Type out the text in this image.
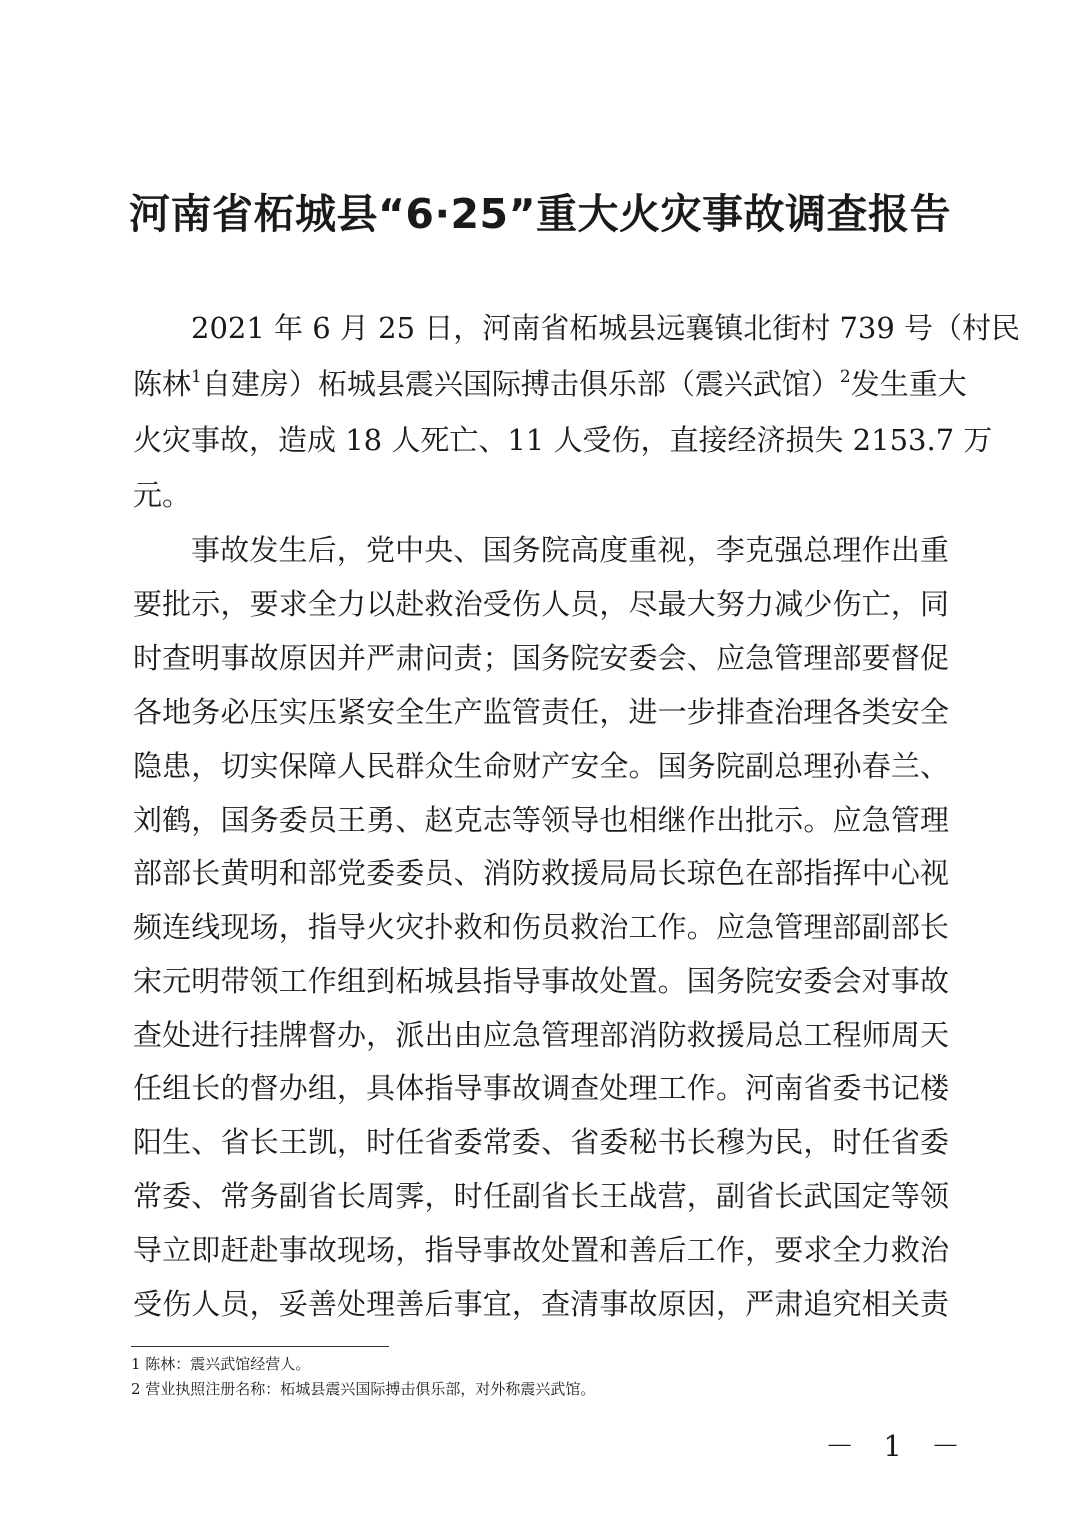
河南省柘城县“6·25”重大火灾事故调查报告
2021 年 6 月 25 日，河南省柘城县远襄镇北街村 739 号（村民
陈林$^1$自建房）柘城县震兴国际搏击俱乐部（震兴武馆）$^2$发生重大
火灾事故，造成 18 人死亡、11 人受伤，直接经济损失 2153.7 万
元。
事故发生后，党中央、国务院高度重视，李克强总理作出重
要批示，要求全力以赴救治受伤人员，尽最大努力减少伤亡，同
时查明事故原因并严肃问责；国务院安委会、应急管理部要督促
各地务必压实压紧安全生产监管责任，进一步排查治理各类安全
隐患，切实保障人民群众生命财产安全。国务院副总理孙春兰、
刘鹤，国务委员王勇、赵克志等领导也相继作出批示。应急管理
部部长黄明和部党委委员、消防救援局局长琼色在部指挥中心视
频连线现场，指导火灾扑救和伤员救治工作。应急管理部副部长
宋元明带领工作组到柘城县指导事故处置。国务院安委会对事故
查处进行挂牌督办，派出由应急管理部消防救援局总工程师周天
任组长的督办组，具体指导事故调查处理工作。河南省委书记楼
阳生、省长王凯，时任省委常委、省委秘书长穆为民，时任省委
常委、常务副省长周霁，时任副省长王战营，副省长武国定等领
导立即赶赴事故现场，指导事故处置和善后工作，要求全力救治
受伤人员，妥善处理善后事宜，查清事故原因，严肃追究相关责
1 陈林：震兴武馆经营人。
2 营业执照注册名称：柘城县震兴国际搏击俱乐部，对外称震兴武馆。
－ 1 －
